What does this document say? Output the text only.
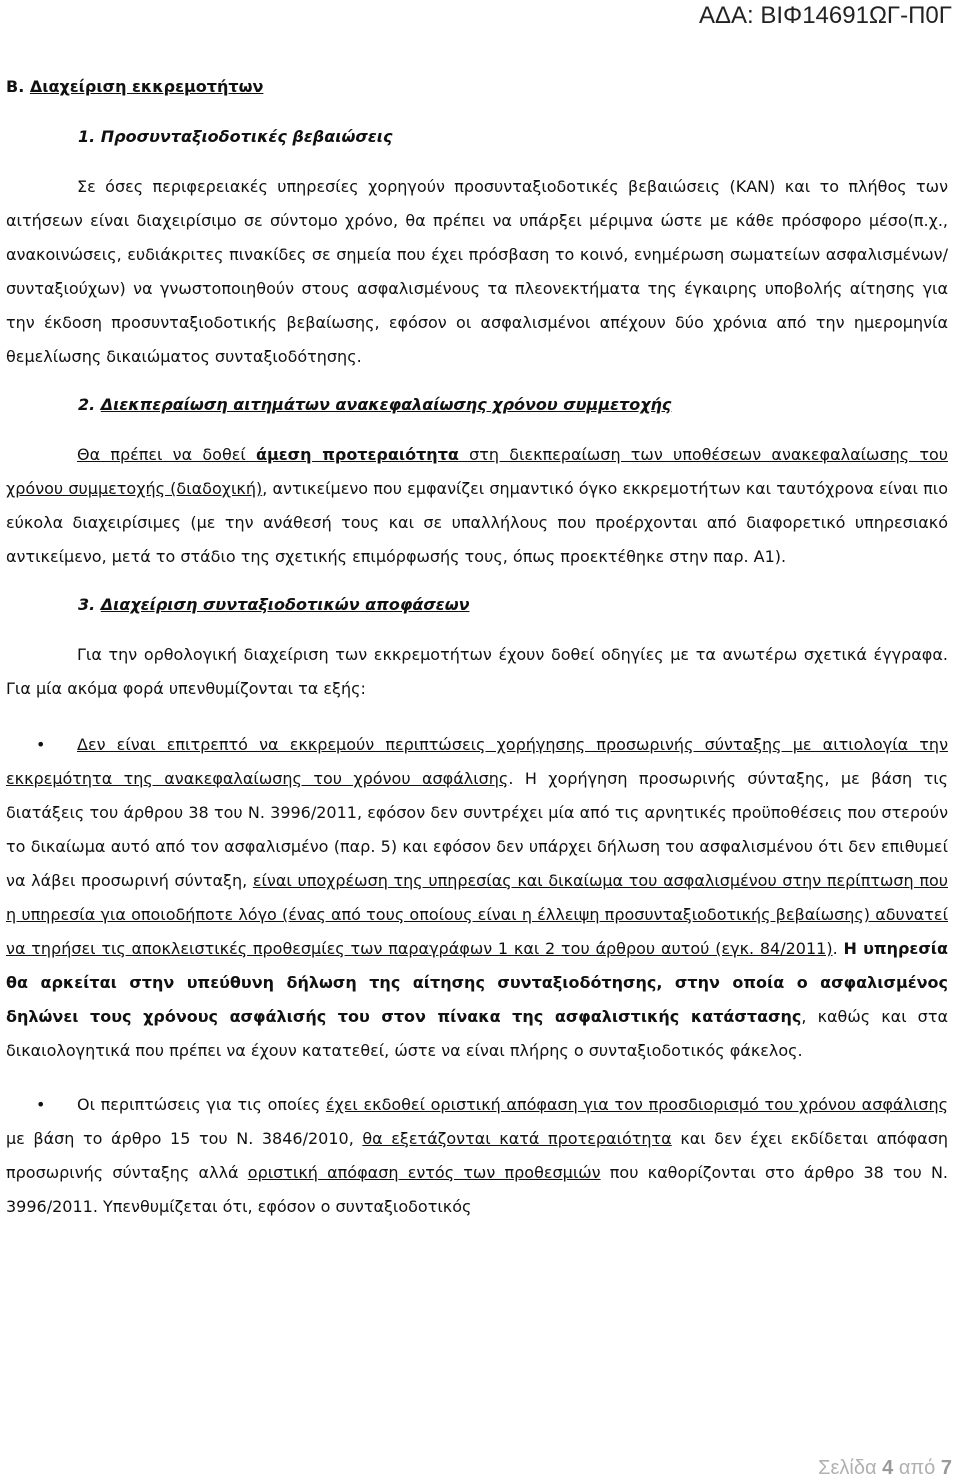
ΑΔΑ: ΒΙΦ14691ΩΓ-Π0Γ

Β. Διαχείριση εκκρεμοτήτων

1. Προσυνταξιοδοτικές βεβαιώσεις

Σε όσες περιφερειακές υπηρεσίες χορηγούν προσυνταξιοδοτικές βεβαιώσεις (ΚΑΝ) και το πλήθος των αιτήσεων είναι διαχειρίσιμο σε σύντομο χρόνο, θα πρέπει να υπάρξει μέριμνα ώστε με κάθε πρόσφορο μέσο(π.χ., ανακοινώσεις, ευδιάκριτες πινακίδες σε σημεία που έχει πρόσβαση το κοινό, ενημέρωση σωματείων ασφαλισμένων/συνταξιούχων) να γνωστοποιηθούν στους ασφαλισμένους τα πλεονεκτήματα της έγκαιρης υποβολής αίτησης για την έκδοση προσυνταξιοδοτικής βεβαίωσης, εφόσον οι ασφαλισμένοι απέχουν δύο χρόνια από την ημερομηνία θεμελίωσης δικαιώματος συνταξιοδότησης.

2. Διεκπεραίωση αιτημάτων ανακεφαλαίωσης χρόνου συμμετοχής

Θα πρέπει να δοθεί άμεση προτεραιότητα στη διεκπεραίωση των υποθέσεων ανακεφαλαίωσης του χρόνου συμμετοχής (διαδοχική), αντικείμενο που εμφανίζει σημαντικό όγκο εκκρεμοτήτων και ταυτόχρονα είναι πιο εύκολα διαχειρίσιμες (με την ανάθεσή τους και σε υπαλλήλους που προέρχονται από διαφορετικό υπηρεσιακό αντικείμενο, μετά το στάδιο της σχετικής επιμόρφωσής τους, όπως προεκτέθηκε στην παρ. Α1).

3. Διαχείριση συνταξιοδοτικών αποφάσεων

Για την ορθολογική διαχείριση των εκκρεμοτήτων έχουν δοθεί οδηγίες με τα ανωτέρω σχετικά έγγραφα. Για μία ακόμα φορά υπενθυμίζονται τα εξής:

•	Δεν είναι επιτρεπτό να εκκρεμούν περιπτώσεις χορήγησης προσωρινής σύνταξης με αιτιολογία την εκκρεμότητα της ανακεφαλαίωσης του χρόνου ασφάλισης. Η χορήγηση προσωρινής σύνταξης, με βάση τις διατάξεις του άρθρου 38 του Ν. 3996/2011, εφόσον δεν συντρέχει μία από τις αρνητικές προϋποθέσεις που στερούν το δικαίωμα αυτό από τον ασφαλισμένο (παρ. 5) και εφόσον δεν υπάρχει δήλωση του ασφαλισμένου ότι δεν επιθυμεί να λάβει προσωρινή σύνταξη, είναι υποχρέωση της υπηρεσίας και δικαίωμα του ασφαλισμένου στην περίπτωση που η υπηρεσία για οποιοδήποτε λόγο (ένας από τους οποίους είναι η έλλειψη προσυνταξιοδοτικής βεβαίωσης) αδυνατεί να τηρήσει τις αποκλειστικές προθεσμίες των παραγράφων 1 και 2 του άρθρου αυτού (εγκ. 84/2011). Η υπηρεσία θα αρκείται στην υπεύθυνη δήλωση της αίτησης συνταξιοδότησης, στην οποία ο ασφαλισμένος δηλώνει τους χρόνους ασφάλισής του στον πίνακα της ασφαλιστικής κατάστασης, καθώς και στα δικαιολογητικά που πρέπει να έχουν κατατεθεί, ώστε να είναι πλήρης ο συνταξιοδοτικός φάκελος.

•	Οι περιπτώσεις για τις οποίες έχει εκδοθεί οριστική απόφαση για τον προσδιορισμό του χρόνου ασφάλισης με βάση το άρθρο 15 του Ν. 3846/2010, θα εξετάζονται κατά προτεραιότητα και δεν έχει εκδίδεται απόφαση προσωρινής σύνταξης αλλά οριστική απόφαση εντός των προθεσμιών που καθορίζονται στο άρθρο 38 του Ν. 3996/2011. Υπενθυμίζεται ότι, εφόσον ο συνταξιοδοτικός

Σελίδα 4 από 7
